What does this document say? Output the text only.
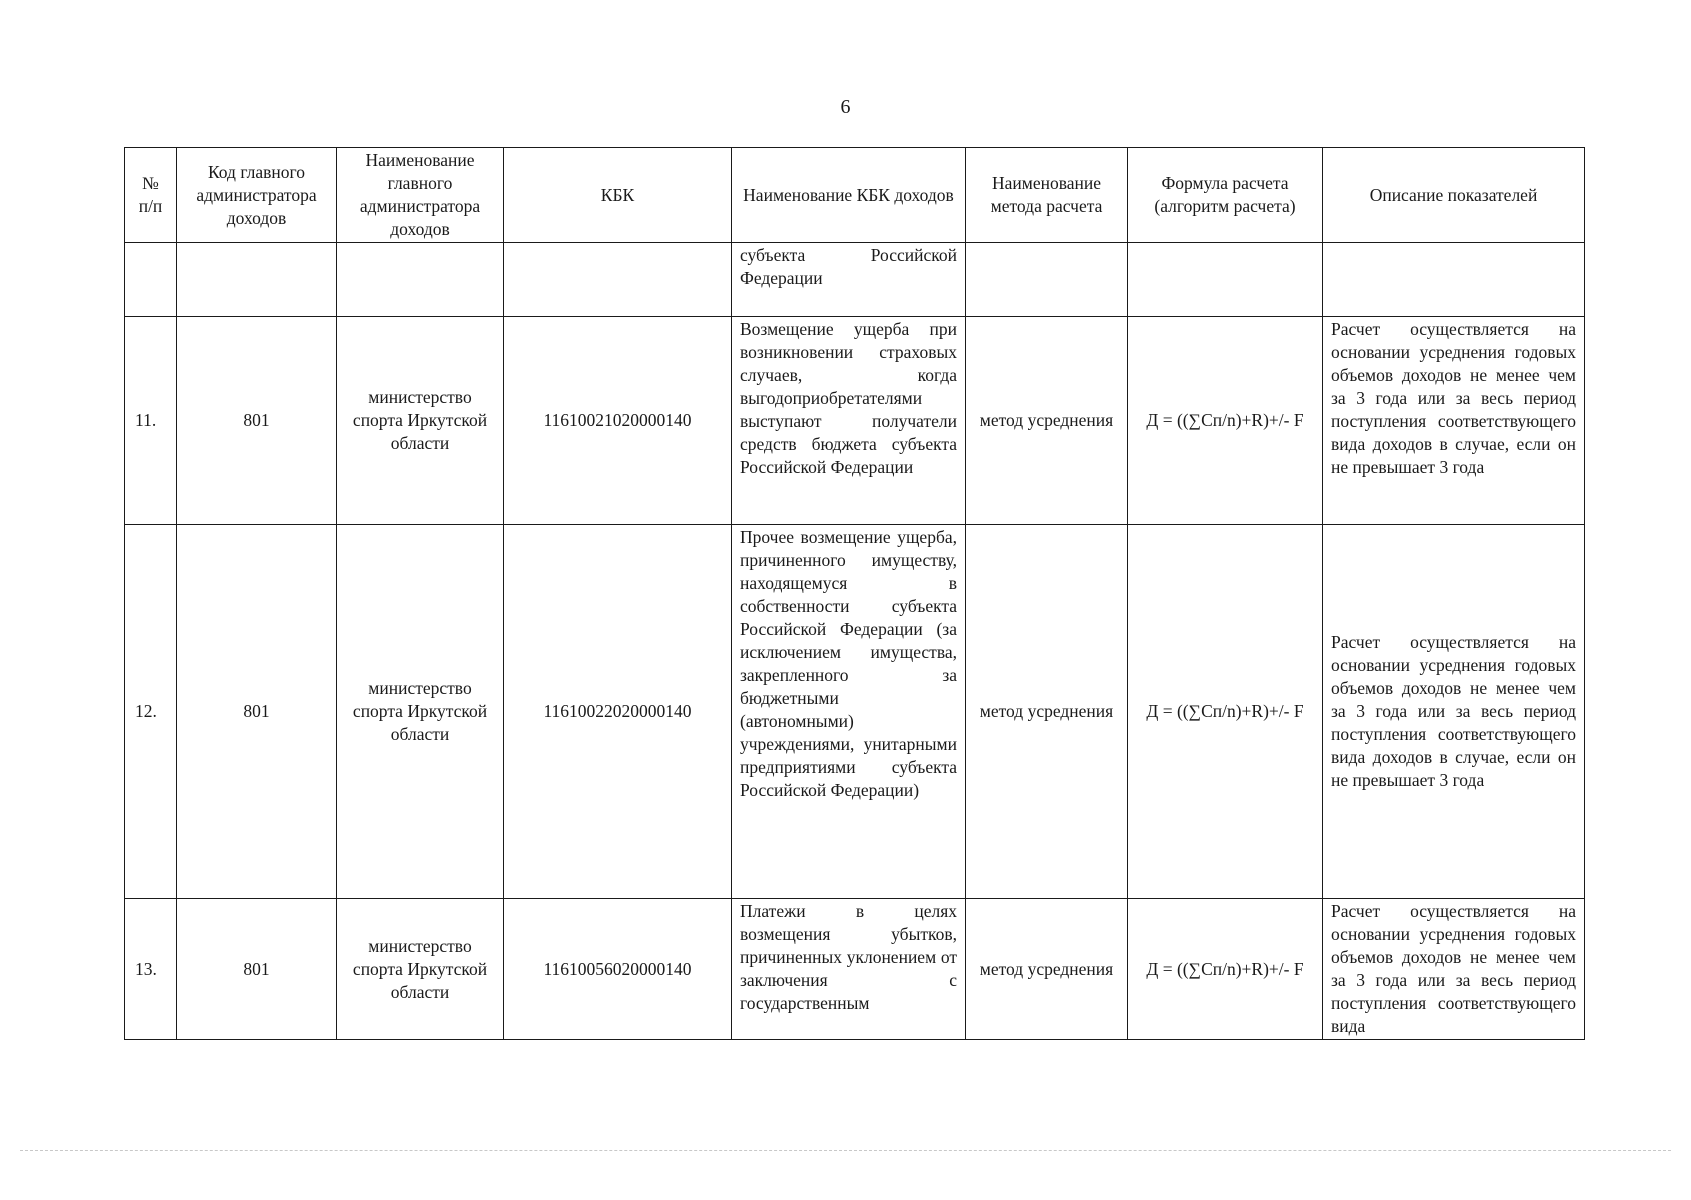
6
№ п/п	Код главного администратора доходов	Наименование главного администратора доходов	КБК	Наименование КБК доходов	Наименование метода расчета	Формула расчета (алгоритм расчета)	Описание показателей
				субъекта Российской Федерации			
11.	801	министерство спорта Иркутской области	11610021020000140	Возмещение ущерба при возникновении страховых случаев, когда выгодоприобретателями выступают получатели средств бюджета субъекта Российской Федерации	метод усреднения	Д = ((∑Сп/n)+R)+/- F	Расчет осуществляется на основании усреднения годовых объемов доходов не менее чем за 3 года или за весь период поступления соответствующего вида доходов в случае, если он не превышает 3 года
12.	801	министерство спорта Иркутской области	11610022020000140	Прочее возмещение ущерба, причиненного имуществу, находящемуся в собственности субъекта Российской Федерации (за исключением имущества, закрепленного за бюджетными (автономными) учреждениями, унитарными предприятиями субъекта Российской Федерации)	метод усреднения	Д = ((∑Сп/n)+R)+/- F	Расчет осуществляется на основании усреднения годовых объемов доходов не менее чем за 3 года или за весь период поступления соответствующего вида доходов в случае, если он не превышает 3 года
13.	801	министерство спорта Иркутской области	11610056020000140	Платежи в целях возмещения убытков, причиненных уклонением от заключения с государственным	метод усреднения	Д = ((∑Сп/n)+R)+/- F	Расчет осуществляется на основании усреднения годовых объемов доходов не менее чем за 3 года или за весь период поступления соответствующего вида
